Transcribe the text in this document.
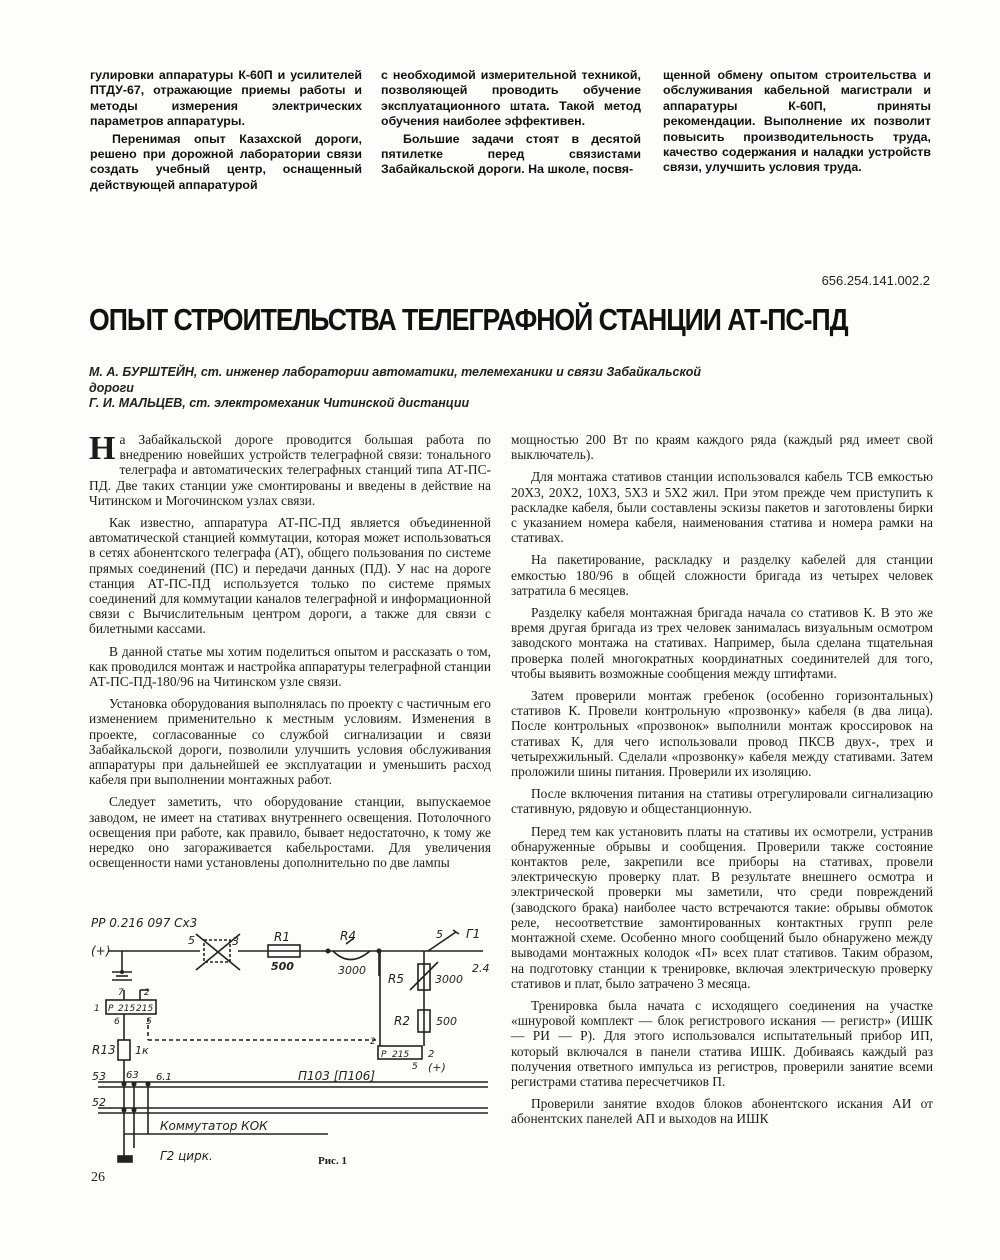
гулировки аппаратуры К-60П и усилителей ПТДУ-67, отражающие приемы работы и методы измерения электрических параметров аппаратуры.

Перенимая опыт Казахской дороги, решено при дорожной лаборатории связи создать учебный центр, оснащенный действующей аппаратурой

с необходимой измерительной техникой, позволяющей проводить обучение эксплуатационного штата. Такой метод обучения наиболее эффективен.

Большие задачи стоят в десятой пятилетке перед связистами Забайкальской дороги. На школе, посвя-

щенной обмену опытом строительства и обслуживания кабельной магистрали и аппаратуры К-60П, приняты рекомендации. Выполнение их позволит повысить производительность труда, качество содержания и наладки устройств связи, улучшить условия труда.

656.254.141.002.2
ОПЫТ СТРОИТЕЛЬСТВА ТЕЛЕГРАФНОЙ СТАНЦИИ АТ-ПС-ПД
М. А. БУРШТЕЙН, ст. инженер лаборатории автоматики, телемеханики и связи Забайкальской дороги
Г. И. МАЛЬЦЕВ, ст. электромеханик Читинской дистанции

На Забайкальской дороге проводится большая работа по внедрению новейших устройств телеграфной связи: тонального телеграфа и автоматических телеграфных станций типа АТ-ПС-ПД. Две таких станции уже смонтированы и введены в действие на Читинском и Могочинском узлах связи.

Как известно, аппаратура АТ-ПС-ПД является объединенной автоматической станцией коммутации, которая может использоваться в сетях абонентского телеграфа (АТ), общего пользования по системе прямых соединений (ПС) и передачи данных (ПД). У нас на дороге станция АТ-ПС-ПД используется только по системе прямых соединений для коммутации каналов телеграфной и информационной связи с Вычислительным центром дороги, а также для связи с билетными кассами.

В данной статье мы хотим поделиться опытом и рассказать о том, как проводился монтаж и настройка аппаратуры телеграфной станции АТ-ПС-ПД-180/96 на Читинском узле связи.

Установка оборудования выполнялась по проекту с частичным его изменением применительно к местным условиям. Изменения в проекте, согласованные со службой сигнализации и связи Забайкальской дороги, позволили улучшить условия обслуживания аппаратуры при дальнейшей ее эксплуатации и уменьшить расход кабеля при выполнении монтажных работ.

Следует заметить, что оборудование станции, выпускаемое заводом, не имеет на стативах внутреннего освещения. Потолочного освещения при работе, как правило, бывает недостаточно, к тому же нередко оно загораживается кабельростами. Для увеличения освещенности нами установлены дополнительно по две лампы

мощностью 200 Вт по краям каждого ряда (каждый ряд имеет свой выключатель).

Для монтажа стативов станции использовался кабель ТСВ емкостью 20Х3, 20Х2, 10Х3, 5Х3 и 5Х2 жил. При этом прежде чем приступить к раскладке кабеля, были составлены эскизы пакетов и заготовлены бирки с указанием номера кабеля, наименования статива и номера рамки на стативах.

На пакетирование, раскладку и разделку кабелей для станции емкостью 180/96 в общей сложности бригада из четырех человек затратила 6 месяцев.

Разделку кабеля монтажная бригада начала со стативов К. В это же время другая бригада из трех человек занималась визуальным осмотром заводского монтажа на стативах. Например, была сделана тщательная проверка полей многократных координатных соединителей для того, чтобы выявить возможные сообщения между штифтами.

Затем проверили монтаж гребенок (особенно горизонтальных) стативов К. Провели контрольную «прозвонку» кабеля (в два лица). После контрольных «прозвонок» выполнили монтаж кроссировок на стативах К, для чего использовали провод ПКСВ двух-, трех и четырехжильный. Сделали «прозвонку» кабеля между стативами. Затем проложили шины питания. Проверили их изоляцию.

После включения питания на стативы отрегулировали сигнализацию стативную, рядовую и общестанционную.

Перед тем как установить платы на стативы их осмотрели, устранив обнаруженные обрывы и сообщения. Проверили также состояние контактов реле, закрепили все приборы на стативах, провели электрическую проверку плат. В результате внешнего осмотра и электрической проверки мы заметили, что среди повреждений (заводского брака) наиболее часто встречаются такие: обрывы обмоток реле, несоответствие замонтированных контактных групп реле монтажной схеме. Особенно много сообщений было обнаружено между выводами монтажных колодок «П» всех плат стативов. Таким образом, на подготовку станции к тренировке, включая электрическую проверку стативов и плат, было затрачено 3 месяца.

Тренировка была начата с исходящего соединения на участке «шнуровой комплект — блок регистрового искания — регистр» (ИШК — РИ — Р). Для этого использовался испытательный прибор ИП, который включался в панели статива ИШК. Добиваясь каждый раз получения ответного импульса из регистров, проверили занятие всеми регистрами статива пересчетчиков П.

Проверили занятие входов блоков абонентского искания АИ от абонентских панелей АП и выходов на ИШК

РР 0.216 097 Сх3
(+)
5	3	R1
500
R4
3000
5 Г1
2.4
R5	3000
R2 500
Р 215 2
2
5 (+)
7 2
1 Р 215 215
6	5
R13 1к
53 63 6.1	П103 [П106]
52
Коммутатор КОК
Г2 цирк.	Рис. 1
26
